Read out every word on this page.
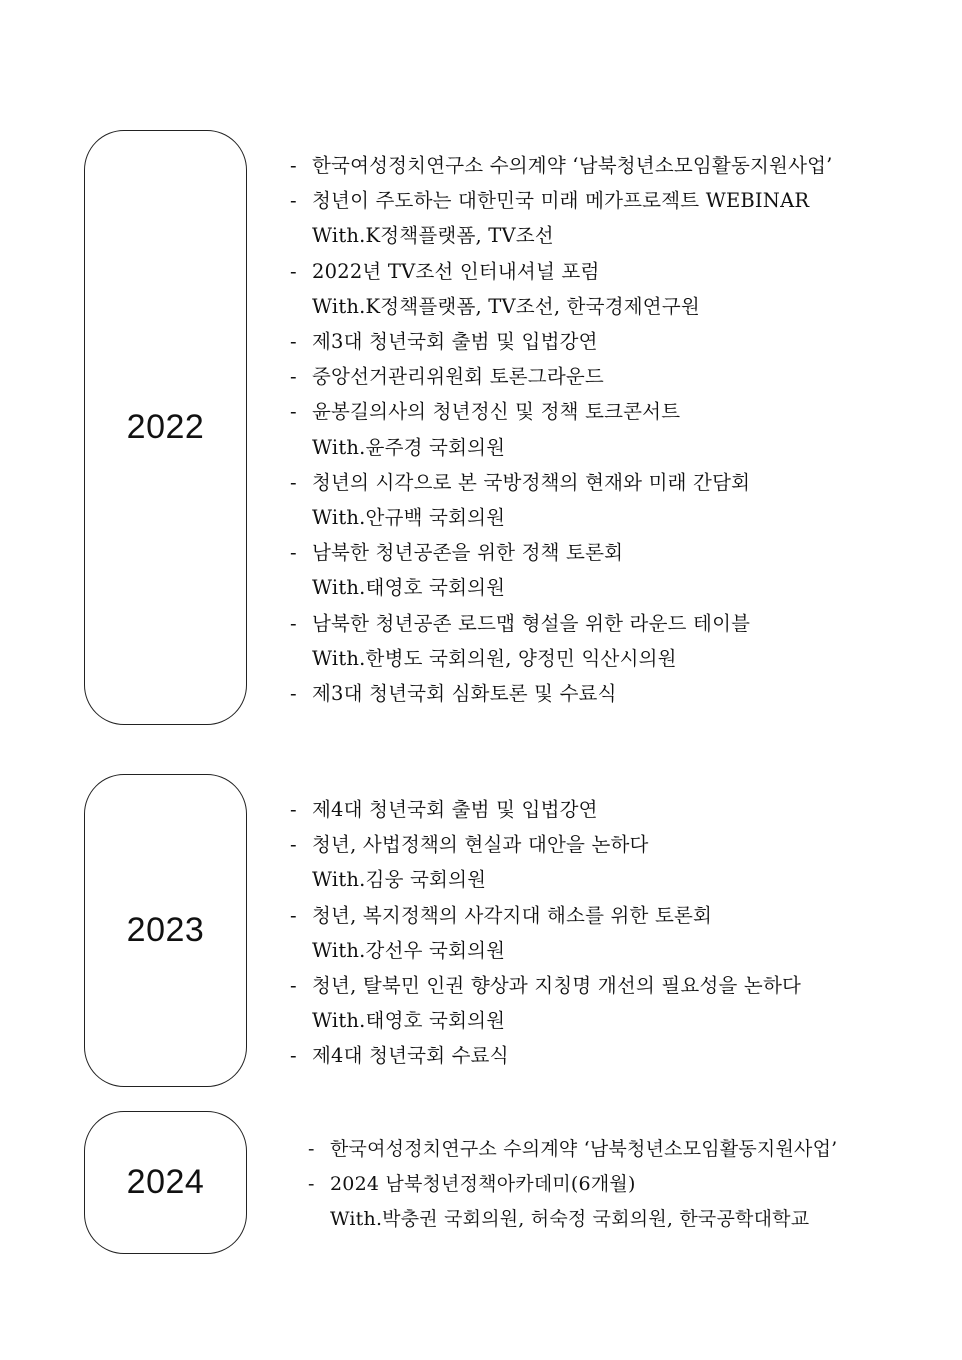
2022
- 한국여성정치연구소 수의계약 ‘남북청년소모임활동지원사업’
- 청년이 주도하는 대한민국 미래 메가프로젝트 WEBINAR
With.K정책플랫폼, TV조선
- 2022년 TV조선 인터내셔널 포럼
With.K정책플랫폼, TV조선, 한국경제연구원
- 제3대 청년국회 출범 및 입법강연
- 중앙선거관리위원회 토론그라운드
- 윤봉길의사의 청년정신 및 정책 토크콘서트
With.윤주경 국회의원
- 청년의 시각으로 본 국방정책의 현재와 미래 간담회
With.안규백 국회의원
- 남북한 청년공존을 위한 정책 토론회
With.태영호 국회의원
- 남북한 청년공존 로드맵 형설을 위한 라운드 테이블
With.한병도 국회의원, 양정민 익산시의원
- 제3대 청년국회 심화토론 및 수료식
2023
- 제4대 청년국회 출범 및 입법강연
- 청년, 사법정책의 현실과 대안을 논하다
With.김웅 국회의원
- 청년, 복지정책의 사각지대 해소를 위한 토론회
With.강선우 국회의원
- 청년, 탈북민 인권 향상과 지칭명 개선의 필요성을 논하다
With.태영호 국회의원
- 제4대 청년국회 수료식
2024
- 한국여성정치연구소 수의계약 ‘남북청년소모임활동지원사업’
- 2024 남북청년정책아카데미(6개월)
With.박충권 국회의원, 허숙정 국회의원, 한국공학대학교
